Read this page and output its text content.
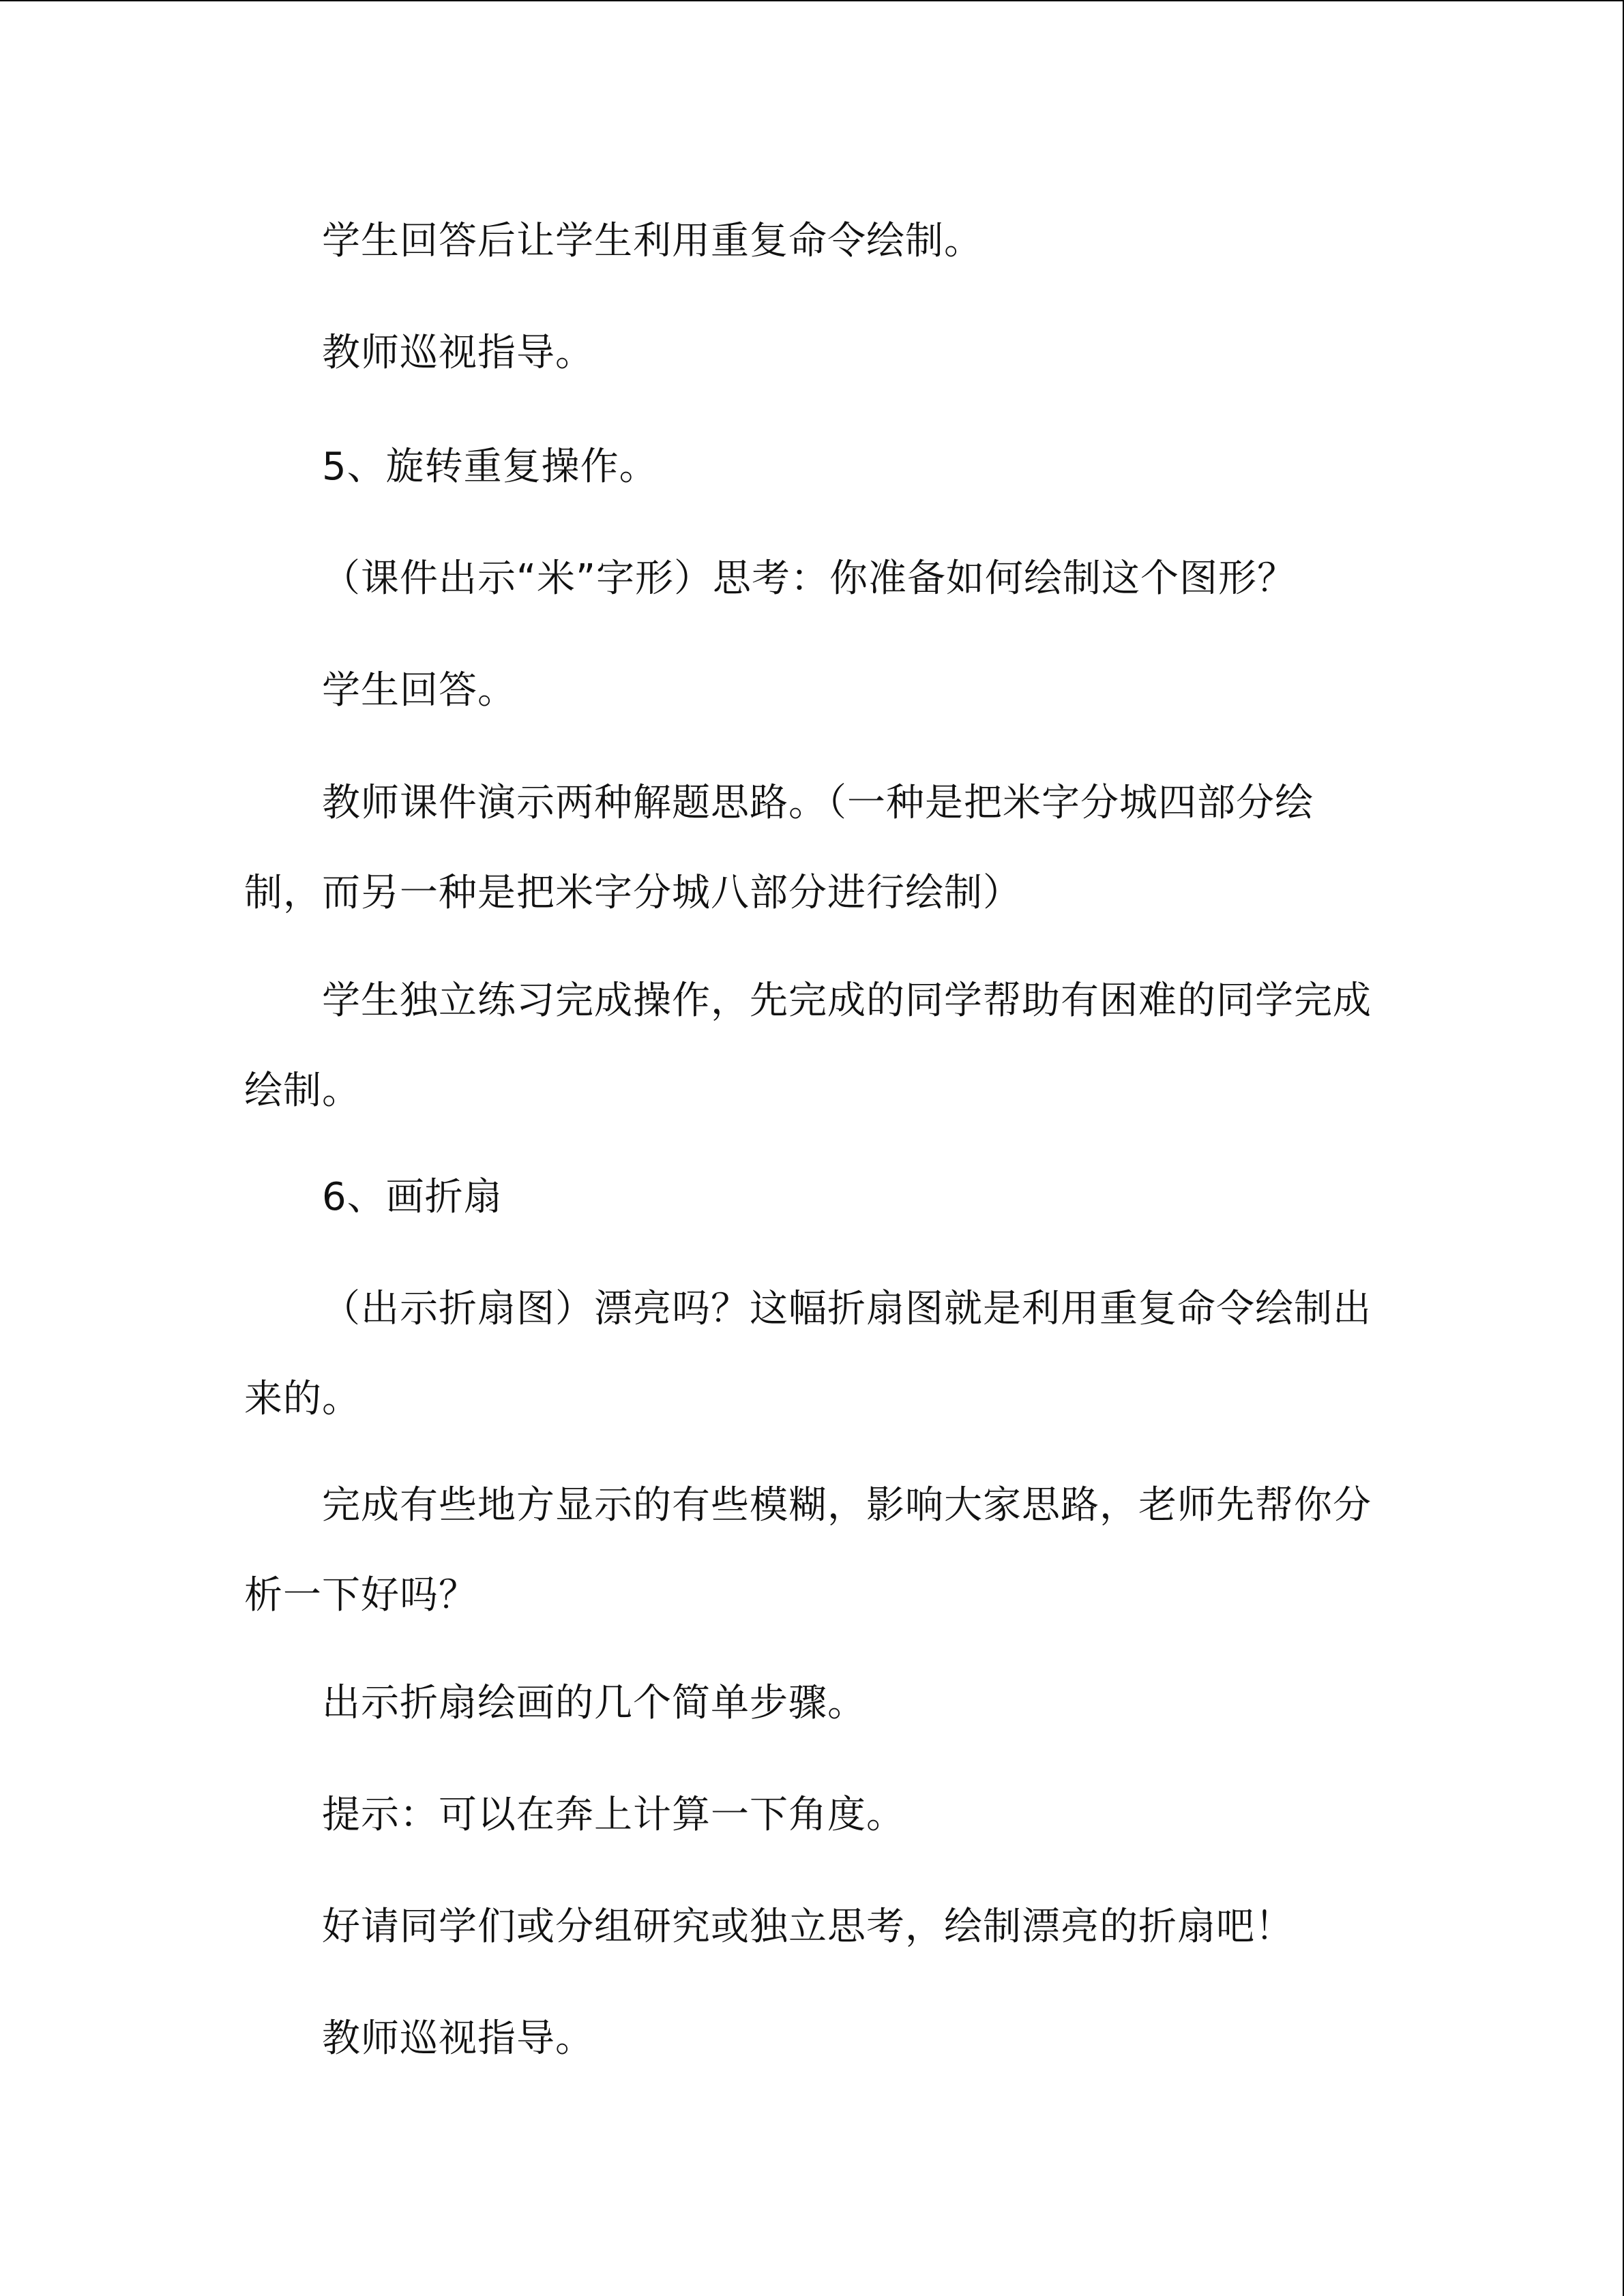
学生回答后让学生利用重复命令绘制。

教师巡视指导。

5、旋转重复操作。

（课件出示“米”字形）思考：你准备如何绘制这个图形？

学生回答。

教师课件演示两种解题思路。（一种是把米字分城四部分绘制，而另一种是把米字分城八部分进行绘制）

学生独立练习完成操作，先完成的同学帮助有困难的同学完成绘制。

6、画折扇

（出示折扇图）漂亮吗？这幅折扇图就是利用重复命令绘制出来的。

完成有些地方显示的有些模糊，影响大家思路，老师先帮你分析一下好吗？

出示折扇绘画的几个简单步骤。

提示：可以在奔上计算一下角度。

好请同学们或分组研究或独立思考，绘制漂亮的折扇吧！

教师巡视指导。
